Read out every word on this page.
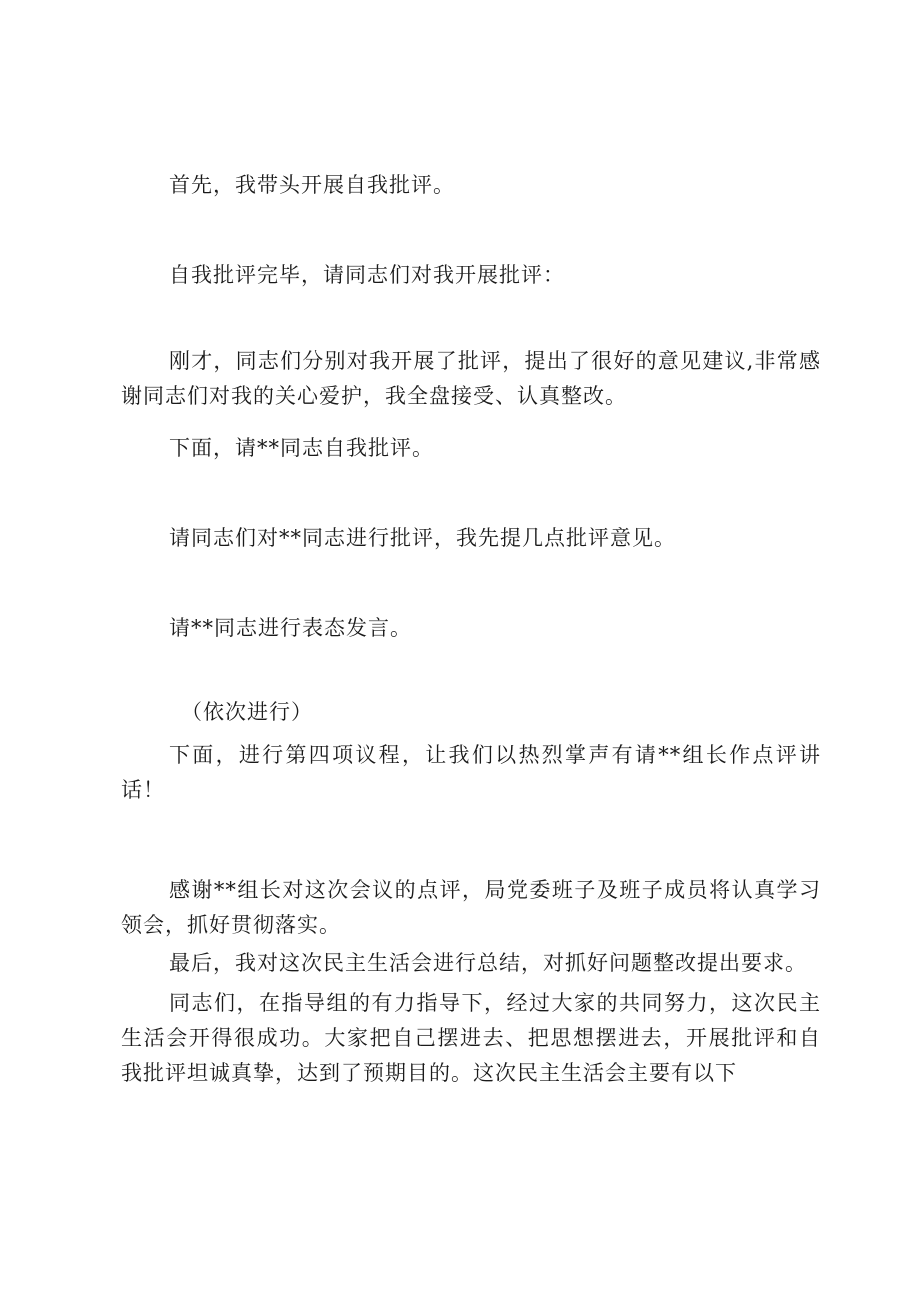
首先，我带头开展自我批评。

自我批评完毕，请同志们对我开展批评：

刚才，同志们分别对我开展了批评，提出了很好的意见建议,非常感谢同志们对我的关心爱护，我全盘接受、认真整改。

下面，请**同志自我批评。

请同志们对**同志进行批评，我先提几点批评意见。

请**同志进行表态发言。

（依次进行）

下面，进行第四项议程，让我们以热烈掌声有请**组长作点评讲话！

感谢**组长对这次会议的点评，局党委班子及班子成员将认真学习领会，抓好贯彻落实。

最后，我对这次民主生活会进行总结，对抓好问题整改提出要求。

同志们，在指导组的有力指导下，经过大家的共同努力，这次民主生活会开得很成功。大家把自己摆进去、把思想摆进去，开展批评和自我批评坦诚真挚，达到了预期目的。这次民主生活会主要有以下
